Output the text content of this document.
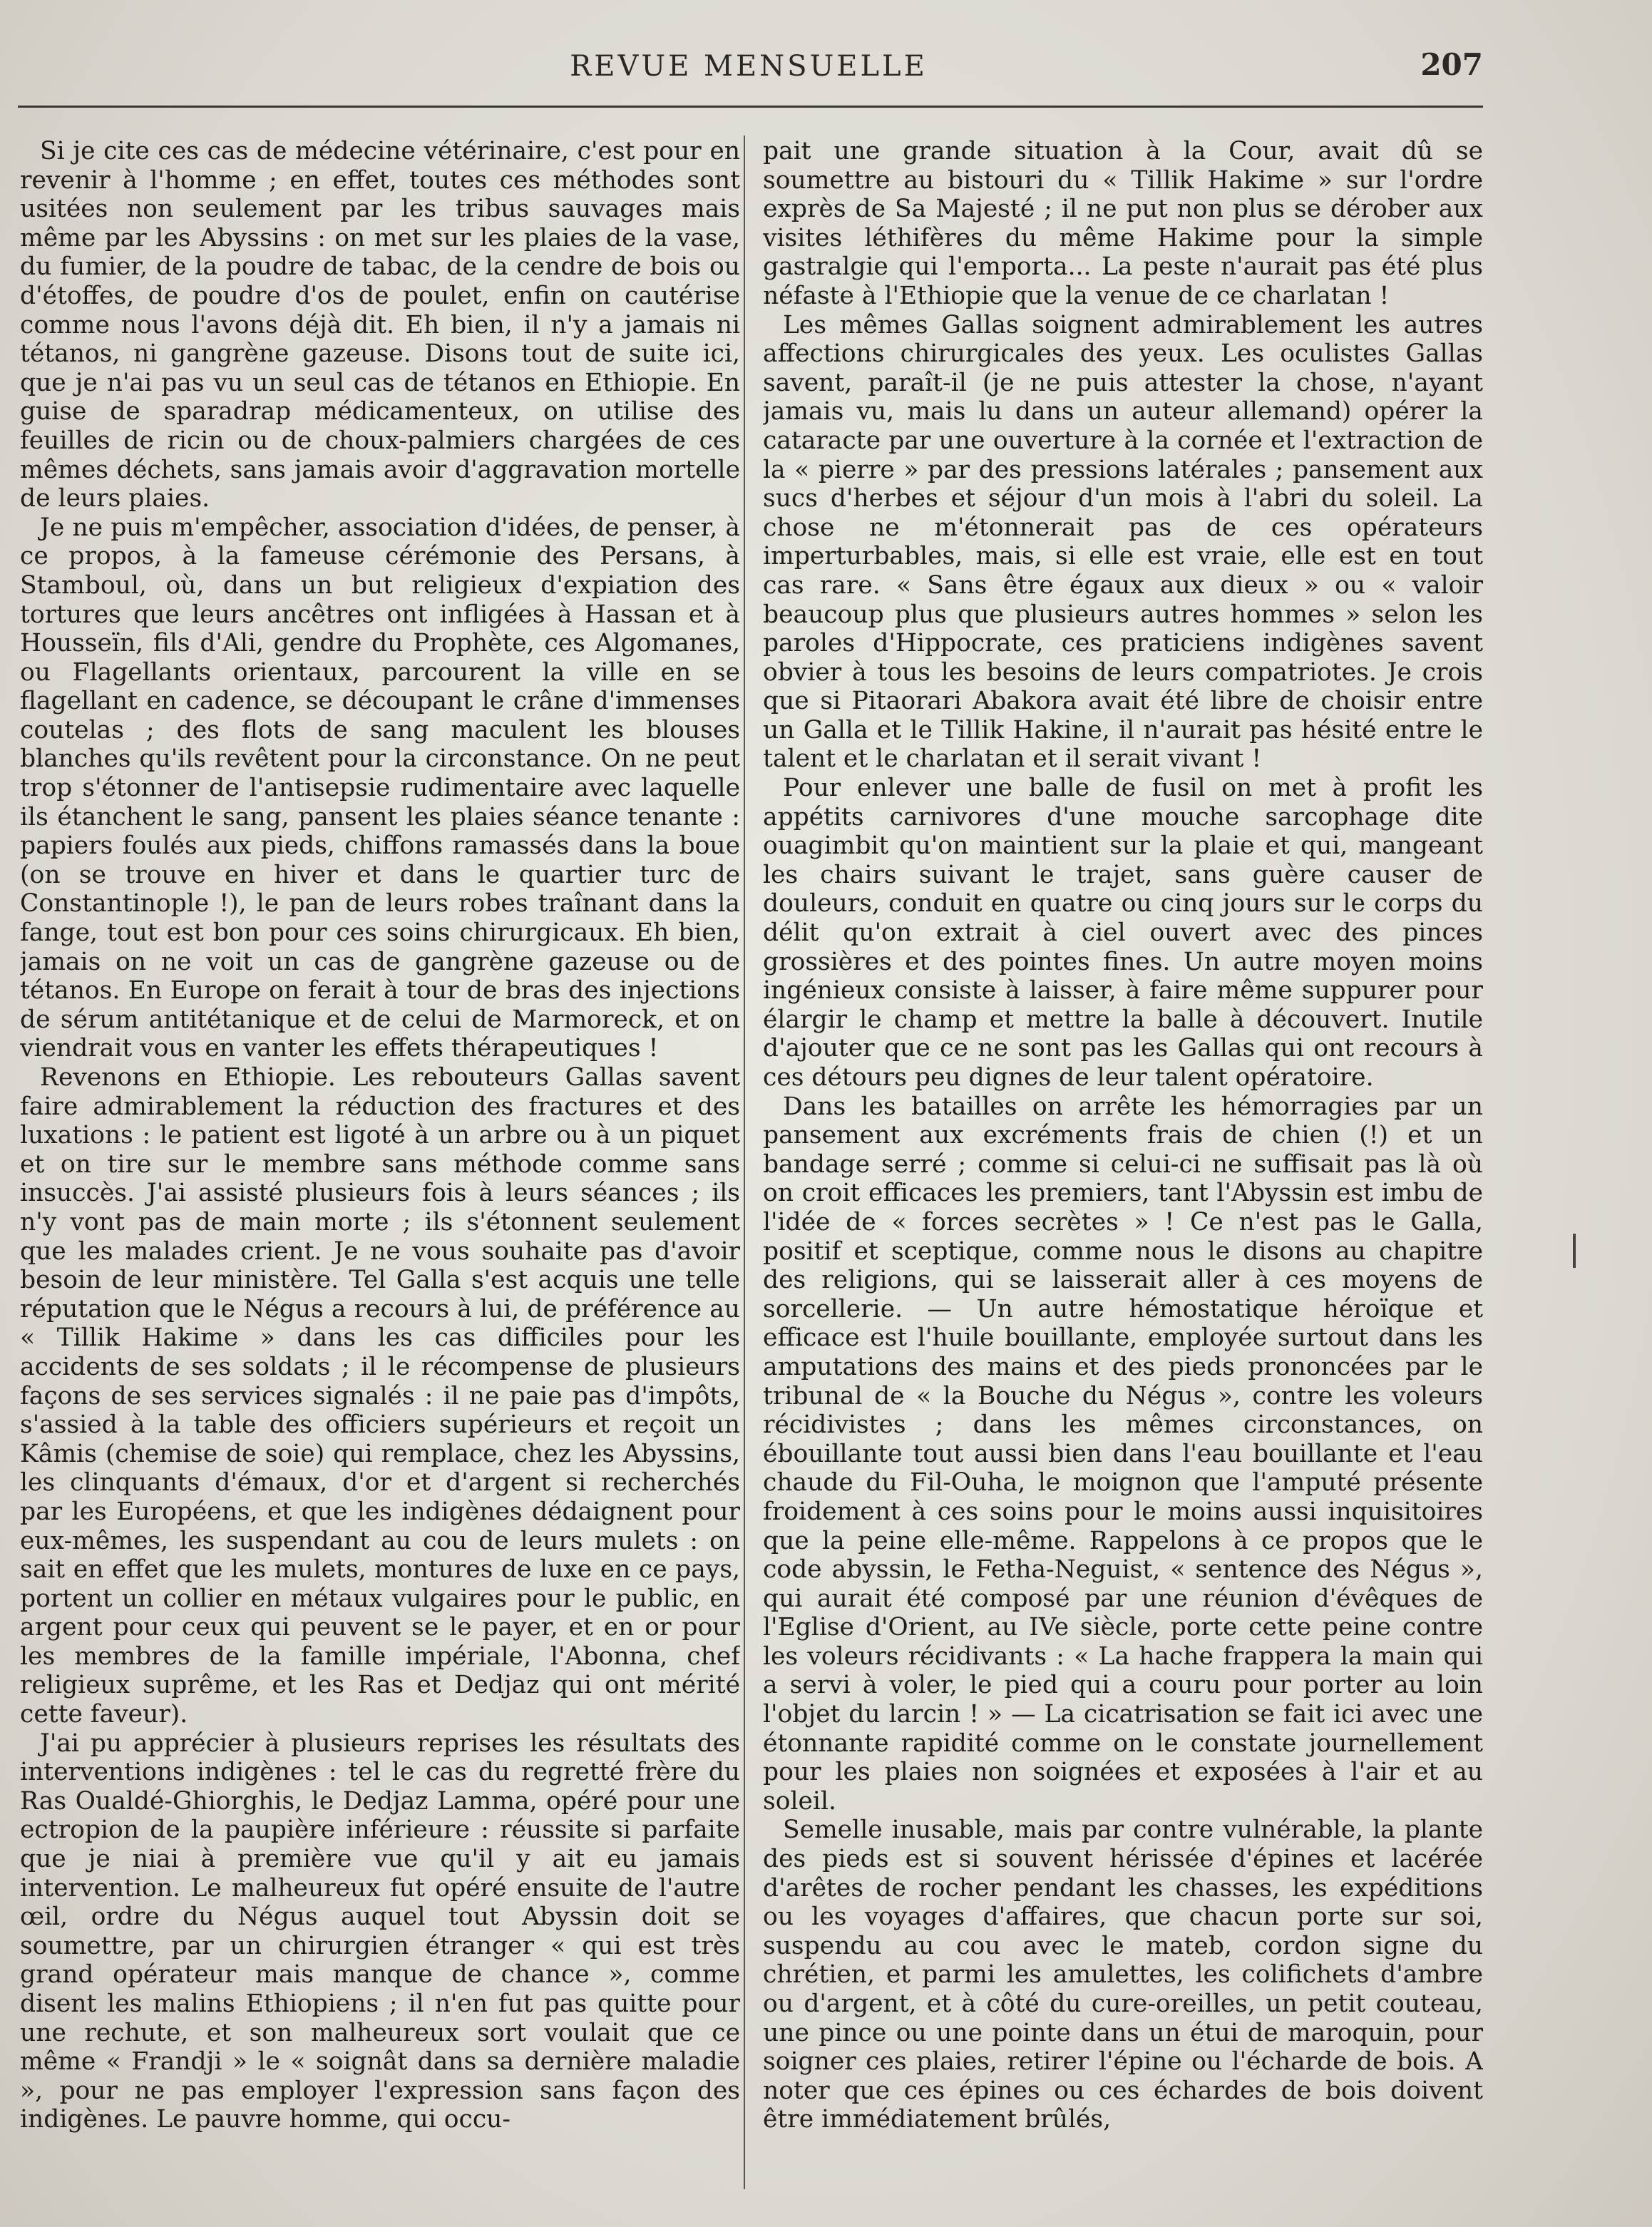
REVUE MENSUELLE	207

Si je cite ces cas de médecine vétérinaire, c'est pour en revenir à l'homme ; en effet, toutes ces méthodes sont usitées non seulement par les tribus sauvages mais même par les Abyssins : on met sur les plaies de la vase, du fumier, de la poudre de tabac, de la cendre de bois ou d'étoffes, de poudre d'os de poulet, enfin on cautérise comme nous l'avons déjà dit. Eh bien, il n'y a jamais ni tétanos, ni gangrène gazeuse. Disons tout de suite ici, que je n'ai pas vu un seul cas de tétanos en Ethiopie. En guise de sparadrap médicamenteux, on utilise des feuilles de ricin ou de choux-palmiers chargées de ces mêmes déchets, sans jamais avoir d'aggravation mortelle de leurs plaies.

Je ne puis m'empêcher, association d'idées, de penser, à ce propos, à la fameuse cérémonie des Persans, à Stamboul, où, dans un but religieux d'expiation des tortures que leurs ancêtres ont infligées à Hassan et à Housseïn, fils d'Ali, gendre du Prophète, ces Algomanes, ou Flagellants orientaux, parcourent la ville en se flagellant en cadence, se découpant le crâne d'immenses coutelas ; des flots de sang maculent les blouses blanches qu'ils revêtent pour la circonstance. On ne peut trop s'étonner de l'antisepsie rudimentaire avec laquelle ils étanchent le sang, pansent les plaies séance tenante : papiers foulés aux pieds, chiffons ramassés dans la boue (on se trouve en hiver et dans le quartier turc de Constantinople !), le pan de leurs robes traînant dans la fange, tout est bon pour ces soins chirurgicaux. Eh bien, jamais on ne voit un cas de gangrène gazeuse ou de tétanos. En Europe on ferait à tour de bras des injections de sérum antitétanique et de celui de Marmoreck, et on viendrait vous en vanter les effets thérapeutiques !

Revenons en Ethiopie. Les rebouteurs Gallas savent faire admirablement la réduction des fractures et des luxations : le patient est ligoté à un arbre ou à un piquet et on tire sur le membre sans méthode comme sans insuccès. J'ai assisté plusieurs fois à leurs séances ; ils n'y vont pas de main morte ; ils s'étonnent seulement que les malades crient. Je ne vous souhaite pas d'avoir besoin de leur ministère. Tel Galla s'est acquis une telle réputation que le Négus a recours à lui, de préférence au « Tillik Hakime » dans les cas difficiles pour les accidents de ses soldats ; il le récompense de plusieurs façons de ses services signalés : il ne paie pas d'impôts, s'assied à la table des officiers supérieurs et reçoit un Kâmis (chemise de soie) qui remplace, chez les Abyssins, les clinquants d'émaux, d'or et d'argent si recherchés par les Européens, et que les indigènes dédaignent pour eux-mêmes, les suspendant au cou de leurs mulets : on sait en effet que les mulets, montures de luxe en ce pays, portent un collier en métaux vulgaires pour le public, en argent pour ceux qui peuvent se le payer, et en or pour les membres de la famille impériale, l'Abonna, chef religieux suprême, et les Ras et Dedjaz qui ont mérité cette faveur).

J'ai pu apprécier à plusieurs reprises les résultats des interventions indigènes : tel le cas du regretté frère du Ras Oualdé-Ghiorghis, le Dedjaz Lamma, opéré pour une ectropion de la paupière inférieure : réussite si parfaite que je niai à première vue qu'il y ait eu jamais intervention. Le malheureux fut opéré ensuite de l'autre œil, ordre du Négus auquel tout Abyssin doit se soumettre, par un chirurgien étranger « qui est très grand opérateur mais manque de chance », comme disent les malins Ethiopiens ; il n'en fut pas quitte pour une rechute, et son malheureux sort voulait que ce même « Frandji » le « soignât dans sa dernière maladie », pour ne pas employer l'expression sans façon des indigènes. Le pauvre homme, qui occu-

pait une grande situation à la Cour, avait dû se soumettre au bistouri du « Tillik Hakime » sur l'ordre exprès de Sa Majesté ; il ne put non plus se dérober aux visites léthifères du même Hakime pour la simple gastralgie qui l'emporta... La peste n'aurait pas été plus néfaste à l'Ethiopie que la venue de ce charlatan !

Les mêmes Gallas soignent admirablement les autres affections chirurgicales des yeux. Les oculistes Gallas savent, paraît-il (je ne puis attester la chose, n'ayant jamais vu, mais lu dans un auteur allemand) opérer la cataracte par une ouverture à la cornée et l'extraction de la « pierre » par des pressions latérales ; pansement aux sucs d'herbes et séjour d'un mois à l'abri du soleil. La chose ne m'étonnerait pas de ces opérateurs imperturbables, mais, si elle est vraie, elle est en tout cas rare. « Sans être égaux aux dieux » ou « valoir beaucoup plus que plusieurs autres hommes » selon les paroles d'Hippocrate, ces praticiens indigènes savent obvier à tous les besoins de leurs compatriotes. Je crois que si Pitaorari Abakora avait été libre de choisir entre un Galla et le Tillik Hakine, il n'aurait pas hésité entre le talent et le charlatan et il serait vivant !

Pour enlever une balle de fusil on met à profit les appétits carnivores d'une mouche sarcophage dite ouagimbit qu'on maintient sur la plaie et qui, mangeant les chairs suivant le trajet, sans guère causer de douleurs, conduit en quatre ou cinq jours sur le corps du délit qu'on extrait à ciel ouvert avec des pinces grossières et des pointes fines. Un autre moyen moins ingénieux consiste à laisser, à faire même suppurer pour élargir le champ et mettre la balle à découvert. Inutile d'ajouter que ce ne sont pas les Gallas qui ont recours à ces détours peu dignes de leur talent opératoire.

Dans les batailles on arrête les hémorragies par un pansement aux excréments frais de chien (!) et un bandage serré ; comme si celui-ci ne suffisait pas là où on croit efficaces les premiers, tant l'Abyssin est imbu de l'idée de « forces secrètes » ! Ce n'est pas le Galla, positif et sceptique, comme nous le disons au chapitre des religions, qui se laisserait aller à ces moyens de sorcellerie. — Un autre hémostatique héroïque et efficace est l'huile bouillante, employée surtout dans les amputations des mains et des pieds prononcées par le tribunal de « la Bouche du Négus », contre les voleurs récidivistes ; dans les mêmes circonstances, on ébouillante tout aussi bien dans l'eau bouillante et l'eau chaude du Fil-Ouha, le moignon que l'amputé présente froidement à ces soins pour le moins aussi inquisitoires que la peine elle-même. Rappelons à ce propos que le code abyssin, le Fetha-Neguist, « sentence des Négus », qui aurait été composé par une réunion d'évêques de l'Eglise d'Orient, au IVe siècle, porte cette peine contre les voleurs récidivants : « La hache frappera la main qui a servi à voler, le pied qui a couru pour porter au loin l'objet du larcin ! » — La cicatrisation se fait ici avec une étonnante rapidité comme on le constate journellement pour les plaies non soignées et exposées à l'air et au soleil.

Semelle inusable, mais par contre vulnérable, la plante des pieds est si souvent hérissée d'épines et lacérée d'arêtes de rocher pendant les chasses, les expéditions ou les voyages d'affaires, que chacun porte sur soi, suspendu au cou avec le mateb, cordon signe du chrétien, et parmi les amulettes, les colifichets d'ambre ou d'argent, et à côté du cure-oreilles, un petit couteau, une pince ou une pointe dans un étui de maroquin, pour soigner ces plaies, retirer l'épine ou l'écharde de bois. A noter que ces épines ou ces échardes de bois doivent être immédiatement brûlés,
